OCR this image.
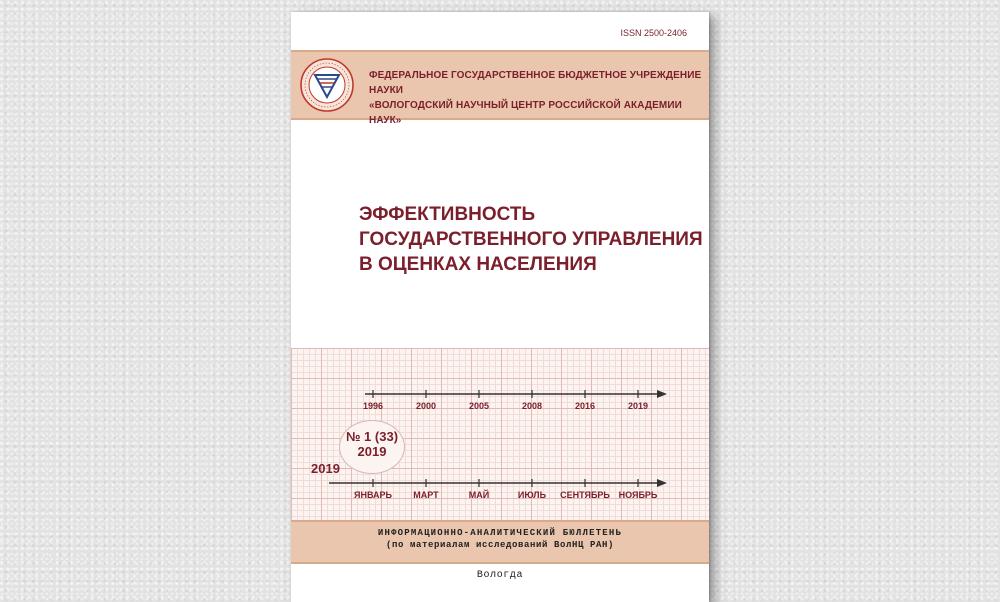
ISSN 2500-2406
ФЕДЕРАЛЬНОЕ ГОСУДАРСТВЕННОЕ БЮДЖЕТНОЕ УЧРЕЖДЕНИЕ НАУКИ
«ВОЛОГОДСКИЙ НАУЧНЫЙ ЦЕНТР РОССИЙСКОЙ АКАДЕМИИ НАУК»
ЭФФЕКТИВНОСТЬ
ГОСУДАРСТВЕННОГО УПРАВЛЕНИЯ
В ОЦЕНКАХ НАСЕЛЕНИЯ
1996	2000	2005	2008	2016	2019
ЯНВАРЬ МАРТ	МАЙ	ИЮЛЬ СЕНТЯБРЬ НОЯБРЬ
№ 1 (33)
2019
2019
ИНФОРМАЦИОННО-АНАЛИТИЧЕСКИЙ БЮЛЛЕТЕНЬ
(по материалам исследований ВолНЦ РАН)
Вологда
